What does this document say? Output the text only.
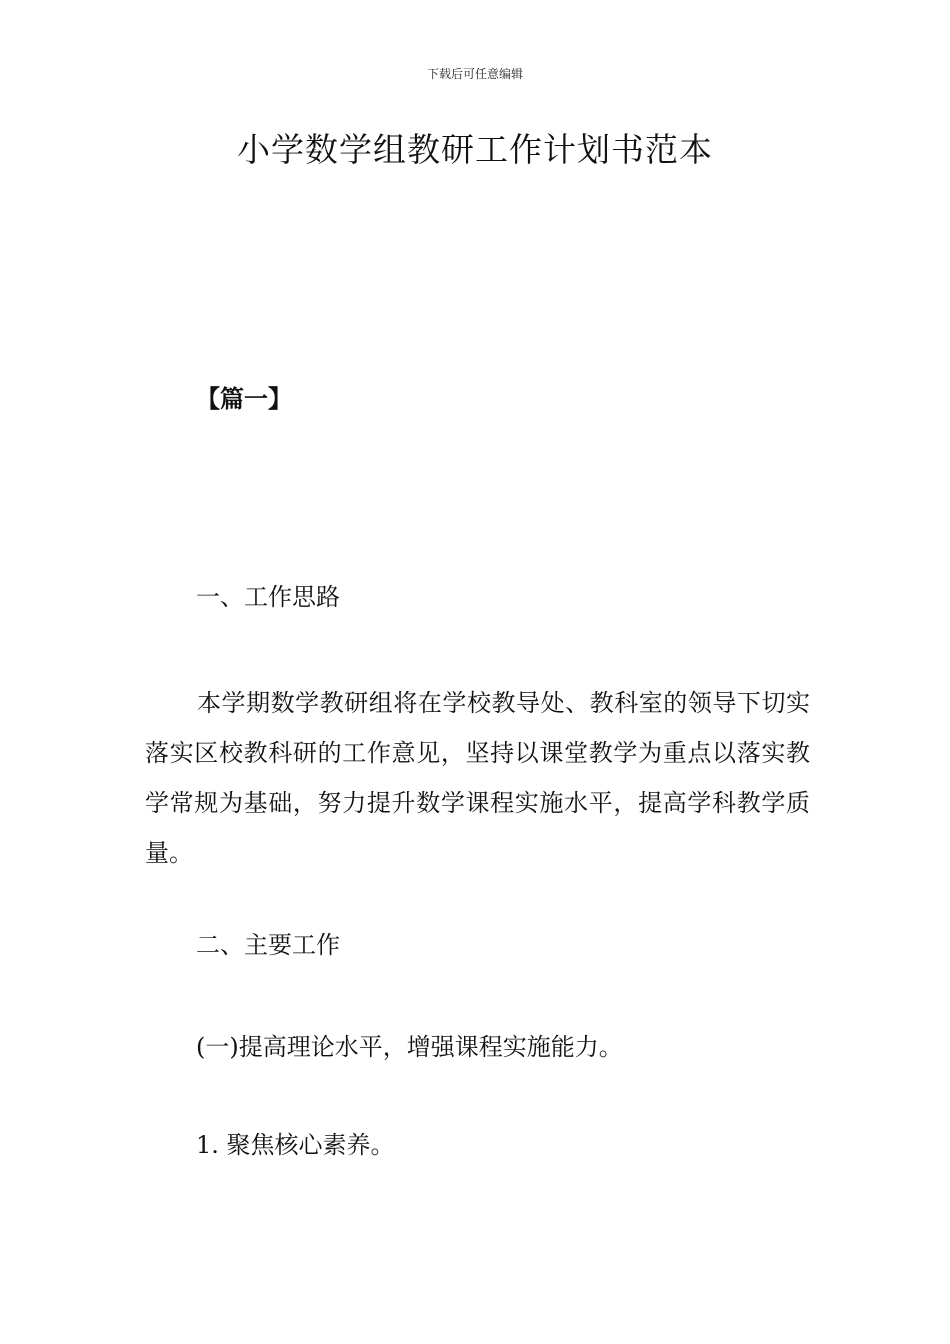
下载后可任意编辑
小学数学组教研工作计划书范本
【篇一】
一、工作思路

本学期数学教研组将在学校教导处、教科室的领导下切实落实区校教科研的工作意见，坚持以课堂教学为重点以落实教学常规为基础，努力提升数学课程实施水平，提高学科教学质量。

二、主要工作
(一)提高理论水平，增强课程实施能力。
1. 聚焦核心素养。
